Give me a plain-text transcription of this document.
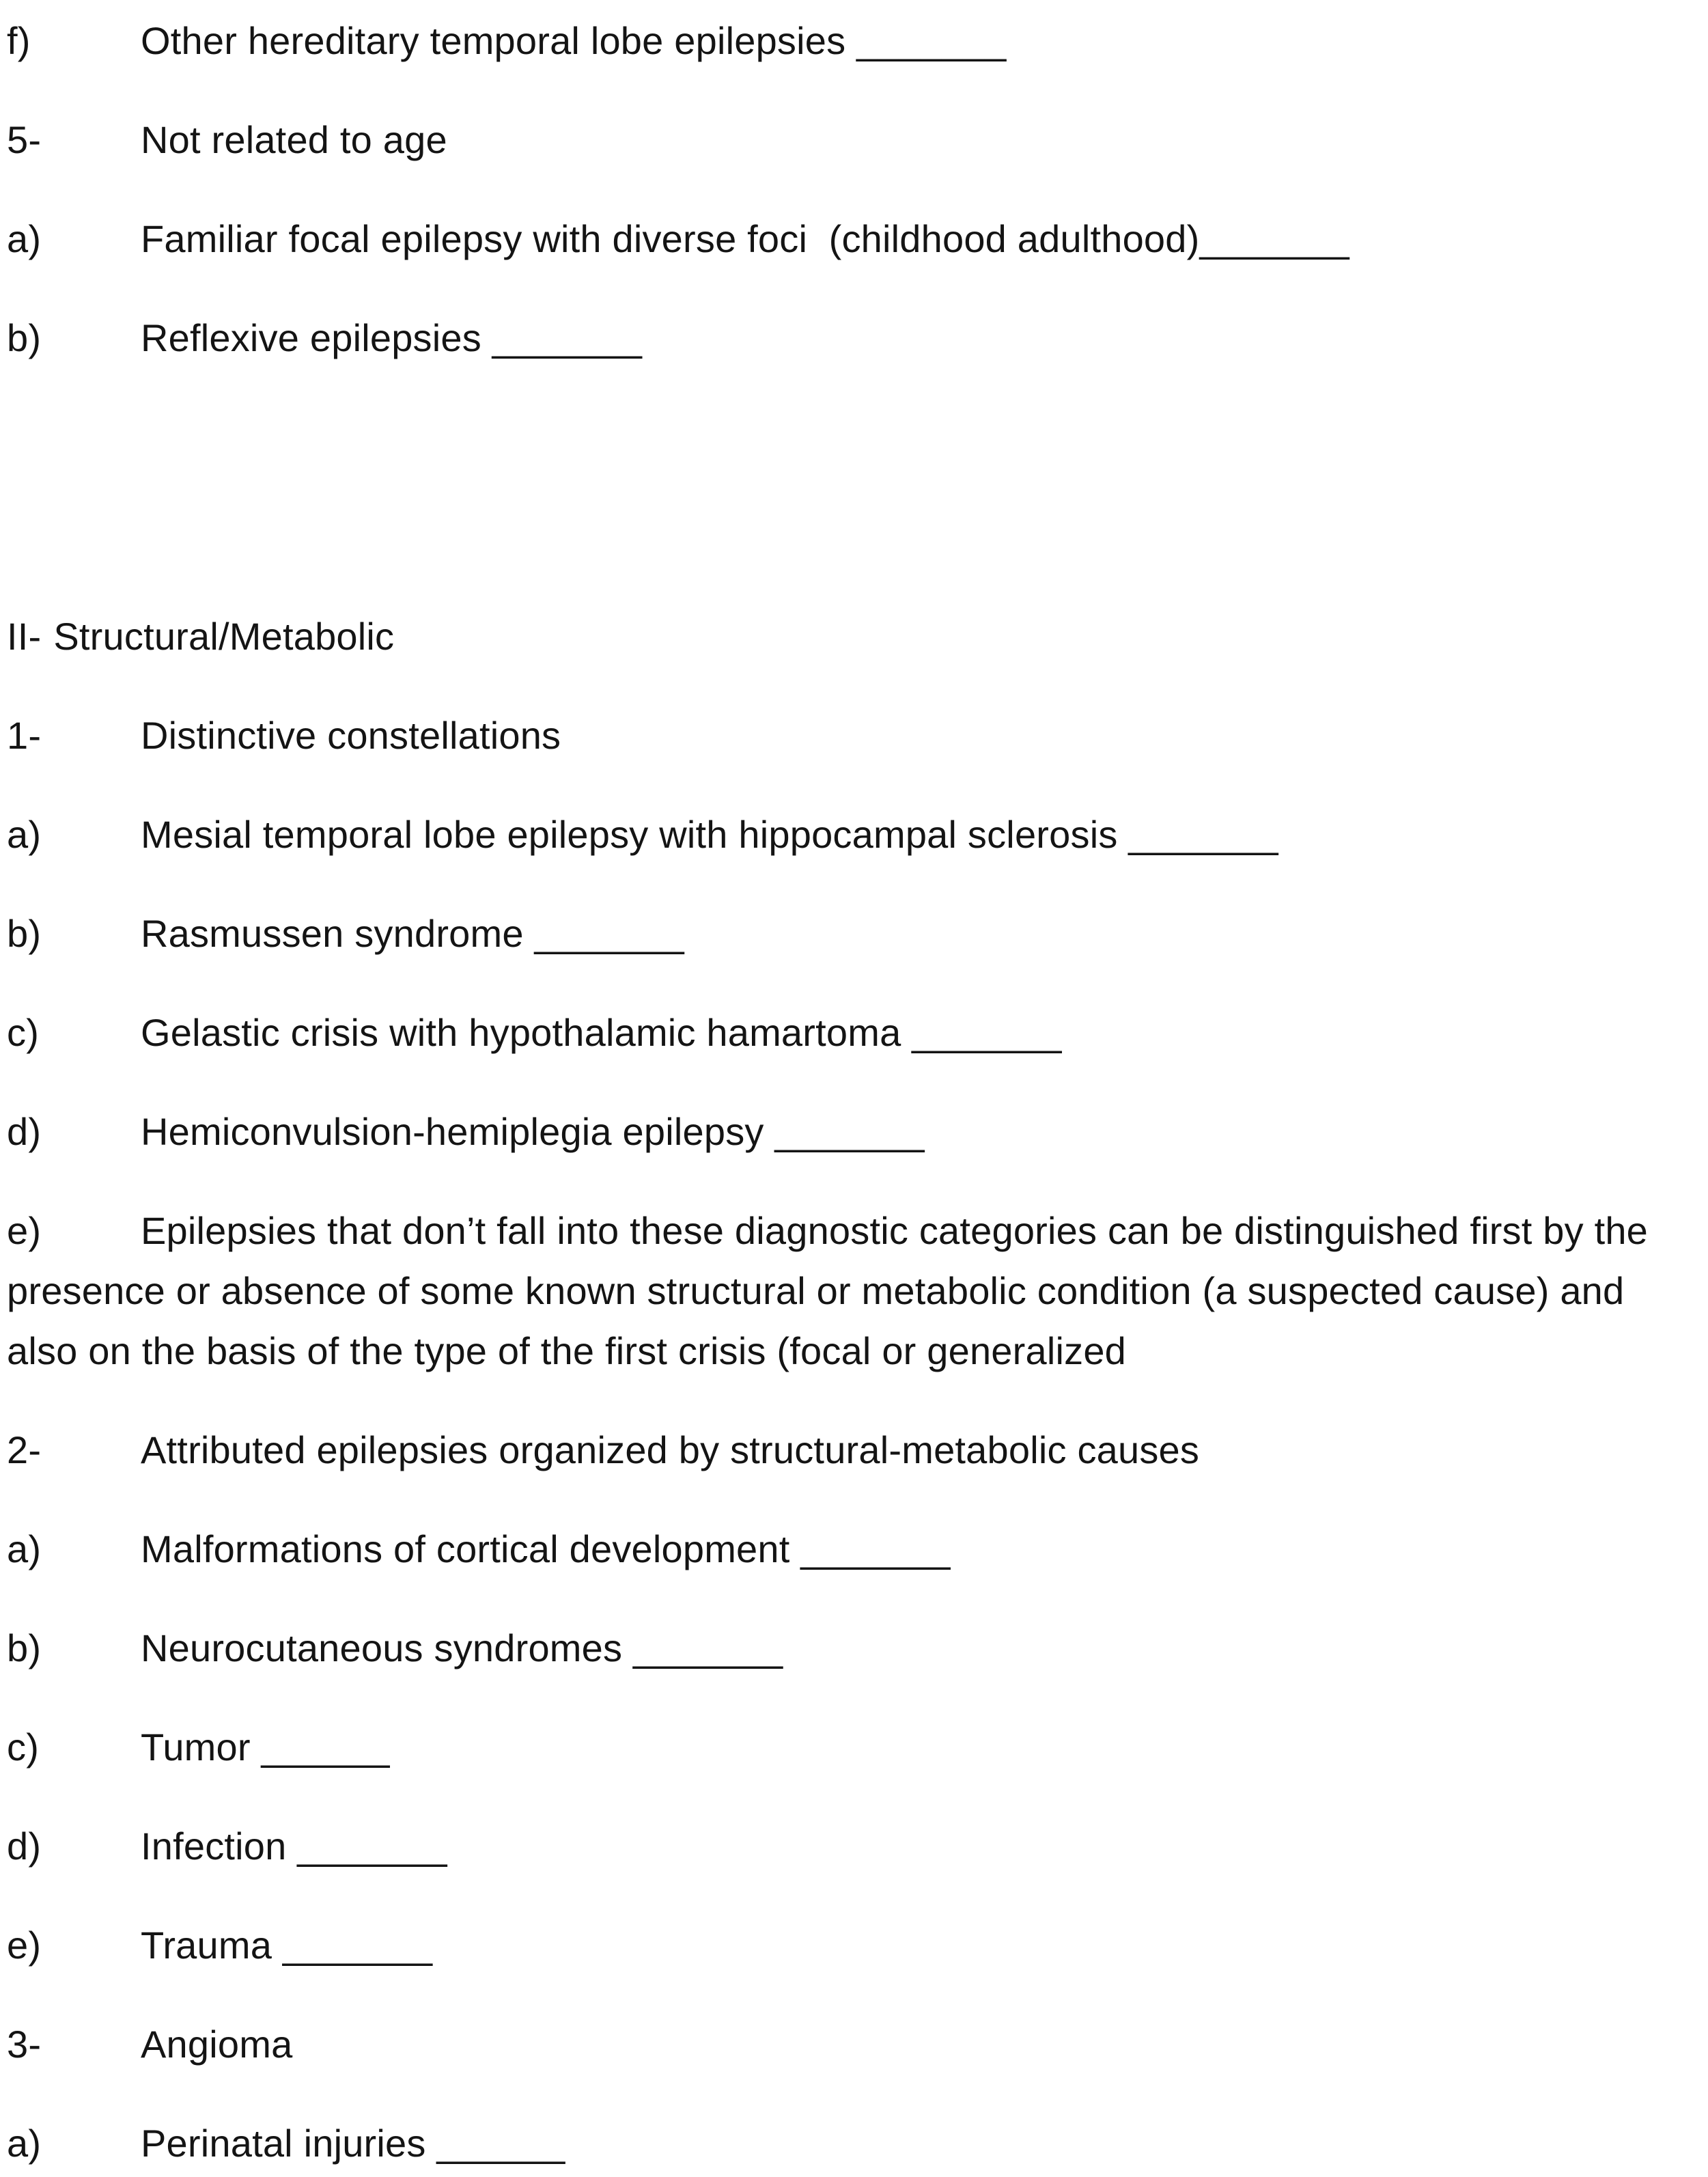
f)	Other hereditary temporal lobe epilepsies _______
5-	Not related to age
a)	Familiar focal epilepsy with diverse foci  (childhood adulthood)_______
b)	Reflexive epilepsies _______
II- Structural/Metabolic
1-	Distinctive constellations
a)	Mesial temporal lobe epilepsy with hippocampal sclerosis _______
b)	Rasmussen syndrome _______
c)	Gelastic crisis with hypothalamic hamartoma _______
d)	Hemiconvulsion-hemiplegia epilepsy _______
e)	Epilepsies that don’t fall into these diagnostic categories can be distinguished first by the presence or absence of some known structural or metabolic condition (a suspected cause) and also on the basis of the type of the first crisis (focal or generalized
2-	Attributed epilepsies organized by structural-metabolic causes
a)	Malformations of cortical development _______
b)	Neurocutaneous syndromes _______
c)	Tumor ______
d)	Infection _______
e)	Trauma _______
3-	Angioma
a)	Perinatal injuries ______
